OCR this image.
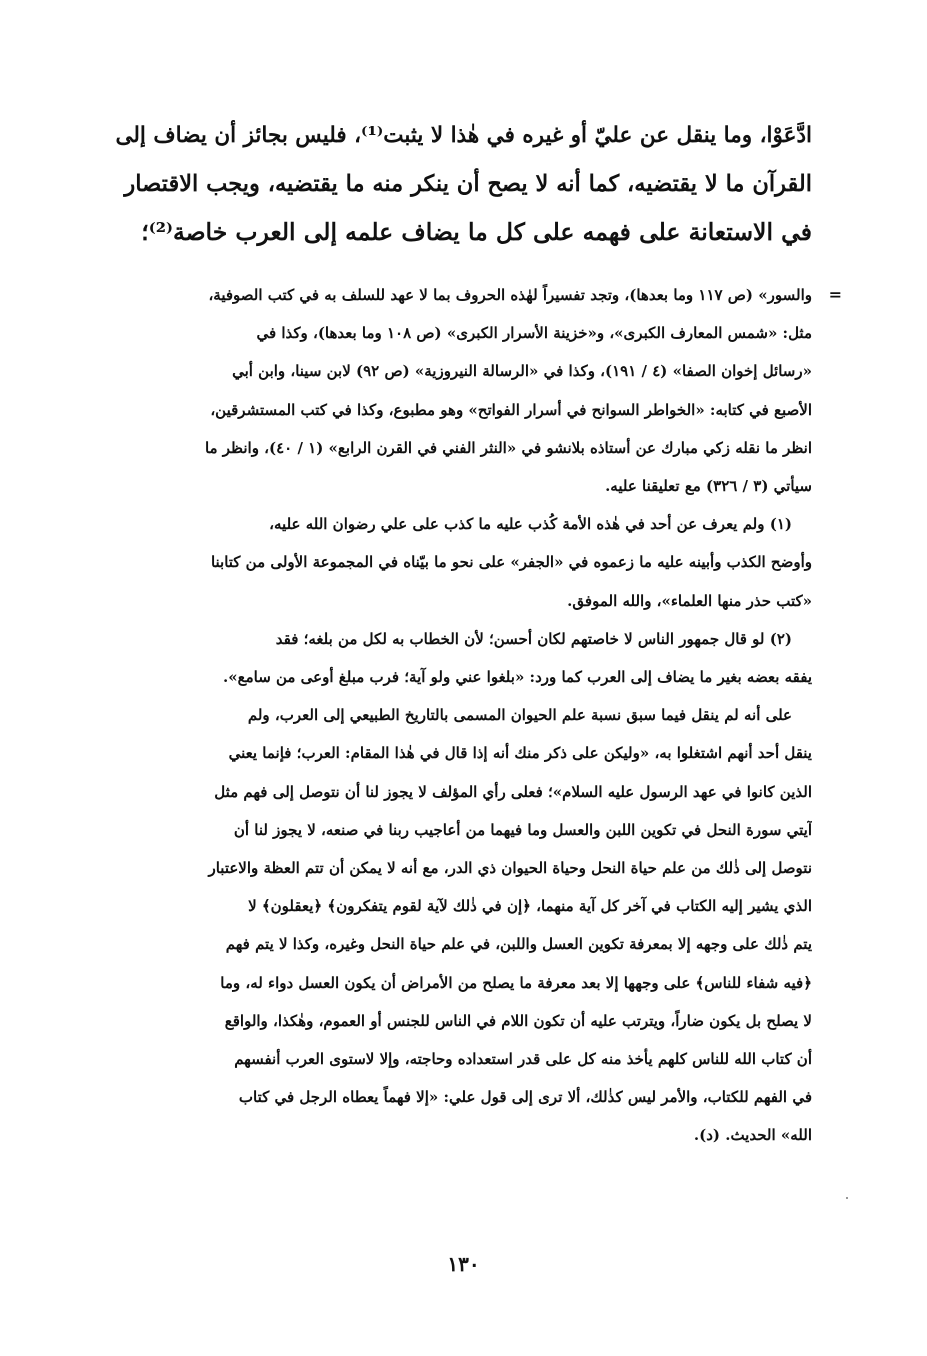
ادَّعَوْا، وما ينقل عن عليّ أو غيره في هٰذا لا يثبت⁽¹⁾، فليس بجائز أن يضاف إلى
القرآن ما لا يقتضيه، كما أنه لا يصح أن ينكر منه ما يقتضيه، ويجب الاقتصار
في الاستعانة على فهمه على كل ما يضاف علمه إلى العرب خاصة⁽²⁾؛
=
والسور» (ص ١١٧ وما بعدها)، وتجد تفسيراً لهٰذه الحروف بما لا عهد للسلف به في كتب الصوفية،
مثل: «شمس المعارف الكبرى»، و«خزينة الأسرار الكبرى» (ص ١٠٨ وما بعدها)، وكذا في
«رسائل إخوان الصفا» (٤ / ١٩١)، وكذا في «الرسالة النيروزية» (ص ٩٢) لابن سينا، وابن أبي
الأصبع في كتابه: «الخواطر السوانح في أسرار الفواتح» وهو مطبوع، وكذا في كتب المستشرقين،
انظر ما نقله زكي مبارك عن أستاذه بلانشو في «النثر الفني في القرن الرابع» (١ / ٤٠)، وانظر ما
سيأتي (٣ / ٣٢٦) مع تعليقنا عليه.
(١) ولم يعرف عن أحد في هٰذه الأمة كُذب عليه ما كذب على علي رضوان الله عليه،
وأوضح الكذب وأبينه عليه ما زعموه في «الجفر» على نحو ما بيّناه في المجموعة الأولى من كتابنا
«كتب حذر منها العلماء»، والله الموفق.
(٢) لو قال جمهور الناس لا خاصتهم لكان أحسن؛ لأن الخطاب به لكل من بلغه؛ فقد
يفقه بعضه بغير ما يضاف إلى العرب كما ورد: «بلغوا عني ولو آية؛ فرب مبلغ أوعى من سامع».
على أنه لم ينقل فيما سبق نسبة علم الحيوان المسمى بالتاريخ الطبيعي إلى العرب، ولم
ينقل أحد أنهم اشتغلوا به، «وليكن على ذكر منك أنه إذا قال في هٰذا المقام: العرب؛ فإنما يعني
الذين كانوا في عهد الرسول عليه السلام»؛ فعلى رأي المؤلف لا يجوز لنا أن نتوصل إلى فهم مثل
آيتي سورة النحل في تكوين اللبن والعسل وما فيهما من أعاجيب ربنا في صنعه، لا يجوز لنا أن
نتوصل إلى ذٰلك من علم حياة النحل وحياة الحيوان ذي الدر، مع أنه لا يمكن أن تتم العظة والاعتبار
الذي يشير إليه الكتاب في آخر كل آية منهما، ﴿إن في ذٰلك لآية لقوم يتفكرون﴾ ﴿يعقلون﴾ لا
يتم ذٰلك على وجهه إلا بمعرفة تكوين العسل واللبن، في علم حياة النحل وغيره، وكذا لا يتم فهم
﴿فيه شفاء للناس﴾ على وجهها إلا بعد معرفة ما يصلح من الأمراض أن يكون العسل دواء له، وما
لا يصلح بل يكون ضاراً، ويترتب عليه أن تكون اللام في الناس للجنس أو العموم، وهٰكذا، والواقع
أن كتاب الله للناس كلهم يأخذ منه كل على قدر استعداده وحاجته، وإلا لاستوى العرب أنفسهم
في الفهم للكتاب، والأمر ليس كذٰلك، ألا ترى إلى قول علي: «إلا فهماً يعطاه الرجل في كتاب
الله» الحديث. (د).
١٣٠
